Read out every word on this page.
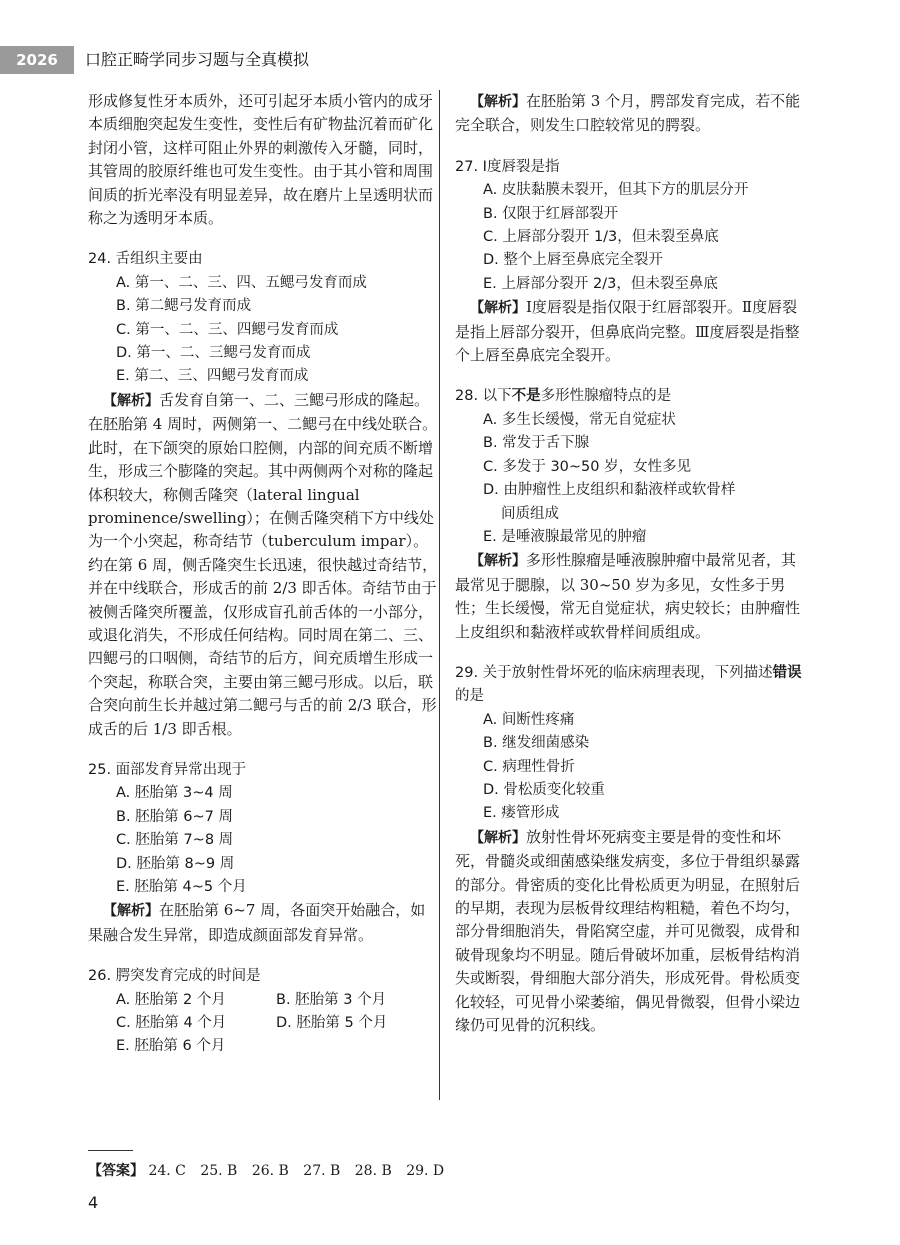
2026	口腔正畸学同步习题与全真模拟

形成修复性牙本质外，还可引起牙本质小管内的成牙本质细胞突起发生变性，变性后有矿物盐沉着而矿化封闭小管，这样可阻止外界的刺激传入牙髓，同时，其管周的胶原纤维也可发生变性。由于其小管和周围间质的折光率没有明显差异，故在磨片上呈透明状而称之为透明牙本质。

24. 舌组织主要由

A. 第一、二、三、四、五鳃弓发育而成

B. 第二鳃弓发育而成

C. 第一、二、三、四鳃弓发育而成

D. 第一、二、三鳃弓发育而成

E. 第二、三、四鳃弓发育而成

【解析】舌发育自第一、二、三鳃弓形成的隆起。在胚胎第 4 周时，两侧第一、二鳃弓在中线处联合。此时，在下颌突的原始口腔侧，内部的间充质不断增生，形成三个膨隆的突起。其中两侧两个对称的隆起体积较大，称侧舌隆突（lateral lingual prominence/swelling）；在侧舌隆突稍下方中线处为一个小突起，称奇结节（tuberculum impar）。约在第 6 周，侧舌隆突生长迅速，很快越过奇结节，并在中线联合，形成舌的前 2/3 即舌体。奇结节由于被侧舌隆突所覆盖，仅形成盲孔前舌体的一小部分，或退化消失，不形成任何结构。同时周在第二、三、四鳃弓的口咽侧，奇结节的后方，间充质增生形成一个突起，称联合突，主要由第三鳃弓形成。以后，联合突向前生长并越过第二鳃弓与舌的前 2/3 联合，形成舌的后 1/3 即舌根。

25. 面部发育异常出现于

A. 胚胎第 3~4 周

B. 胚胎第 6~7 周

C. 胚胎第 7~8 周

D. 胚胎第 8~9 周

E. 胚胎第 4~5 个月

【解析】在胚胎第 6~7 周，各面突开始融合，如果融合发生异常，即造成颜面部发育异常。

26. 腭突发育完成的时间是

A. 胚胎第 2 个月	B. 胚胎第 3 个月
C. 胚胎第 4 个月	D. 胚胎第 5 个月

E. 胚胎第 6 个月

【解析】在胚胎第 3 个月，腭部发育完成，若不能完全联合，则发生口腔较常见的腭裂。

27. Ⅰ度唇裂是指

A. 皮肤黏膜未裂开，但其下方的肌层分开

B. 仅限于红唇部裂开

C. 上唇部分裂开 1/3，但未裂至鼻底

D. 整个上唇至鼻底完全裂开

E. 上唇部分裂开 2/3，但未裂至鼻底

【解析】Ⅰ度唇裂是指仅限于红唇部裂开。Ⅱ度唇裂是指上唇部分裂开，但鼻底尚完整。Ⅲ度唇裂是指整个上唇至鼻底完全裂开。

28. 以下不是多形性腺瘤特点的是

A. 多生长缓慢，常无自觉症状

B. 常发于舌下腺

C. 多发于 30~50 岁，女性多见

D. 由肿瘤性上皮组织和黏液样或软骨样

间质组成

E. 是唾液腺最常见的肿瘤

【解析】多形性腺瘤是唾液腺肿瘤中最常见者，其最常见于腮腺，以 30~50 岁为多见，女性多于男性；生长缓慢，常无自觉症状，病史较长；由肿瘤性上皮组织和黏液样或软骨样间质组成。

29. 关于放射性骨坏死的临床病理表现，下列描述错误的是

A. 间断性疼痛

B. 继发细菌感染

C. 病理性骨折

D. 骨松质变化较重

E. 瘘管形成

【解析】放射性骨坏死病变主要是骨的变性和坏死，骨髓炎或细菌感染继发病变，多位于骨组织暴露的部分。骨密质的变化比骨松质更为明显，在照射后的早期，表现为层板骨纹理结构粗糙，着色不均匀，部分骨细胞消失，骨陷窝空虚，并可见微裂，成骨和破骨现象均不明显。随后骨破坏加重，层板骨结构消失或断裂，骨细胞大部分消失，形成死骨。骨松质变化较轻，可见骨小梁萎缩，偶见骨微裂，但骨小梁边缘仍可见骨的沉积线。

【答案】 24. C 25. B 26. B 27. B 28. B 29. D
4
